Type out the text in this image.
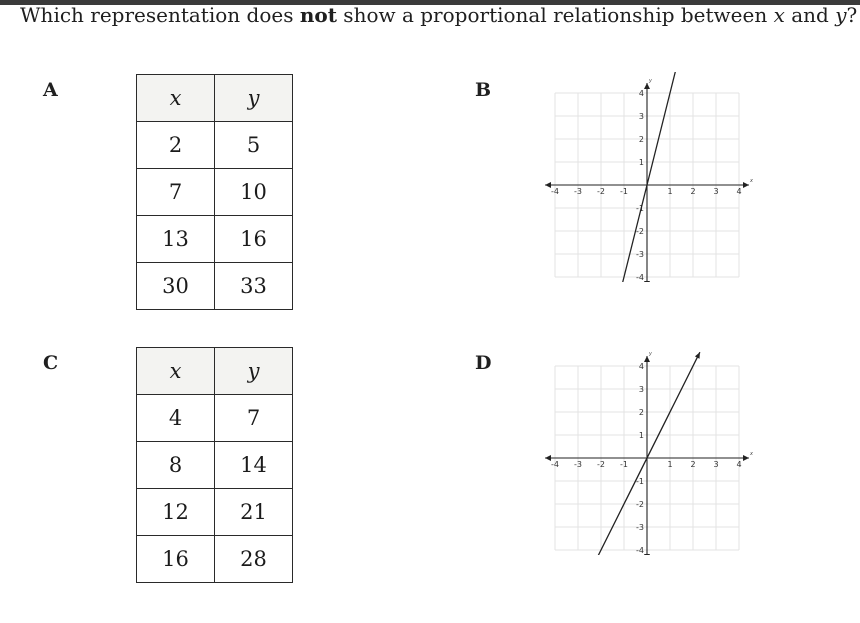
Which representation does not show a proportional relationship between x and y?
A	x	y
2	5
7	10
13	16
30	33
B
x
y
-4 -3 -2 -1	1 2 3 4
4
3
2
1
-1
-2
-3
-4
C	x	y
4	7
8	14
12	21
16	28
D
x
y
-4 -3 -2 -1	1 2 3 4
4
3
2
1
-1
-2
-3
-4
